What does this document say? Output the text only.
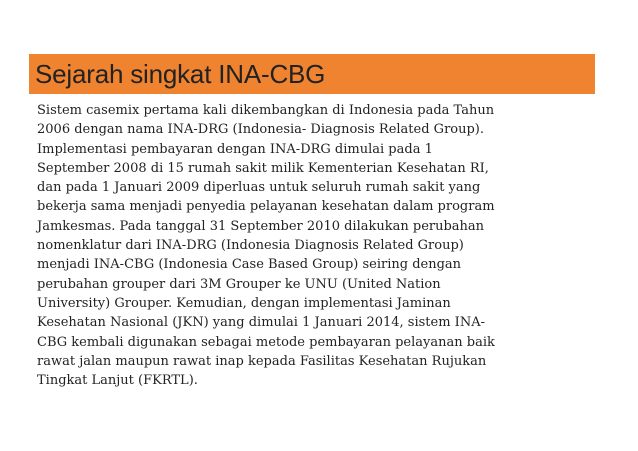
Sejarah singkat INA-CBG
Sistem casemix pertama kali dikembangkan di Indonesia pada Tahun
2006 dengan nama INA-DRG (Indonesia- Diagnosis Related Group).
Implementasi pembayaran dengan INA-DRG dimulai pada 1
September 2008 di 15 rumah sakit milik Kementerian Kesehatan RI,
dan pada 1 Januari 2009 diperluas untuk seluruh rumah sakit yang
bekerja sama menjadi penyedia pelayanan kesehatan dalam program
Jamkesmas. Pada tanggal 31 September 2010 dilakukan perubahan
nomenklatur dari INA-DRG (Indonesia Diagnosis Related Group)
menjadi INA-CBG (Indonesia Case Based Group) seiring dengan
perubahan grouper dari 3M Grouper ke UNU (United Nation
University) Grouper. Kemudian, dengan implementasi Jaminan
Kesehatan Nasional (JKN) yang dimulai 1 Januari 2014, sistem INA-
CBG kembali digunakan sebagai metode pembayaran pelayanan baik
rawat jalan maupun rawat inap kepada Fasilitas Kesehatan Rujukan
Tingkat Lanjut (FKRTL).
